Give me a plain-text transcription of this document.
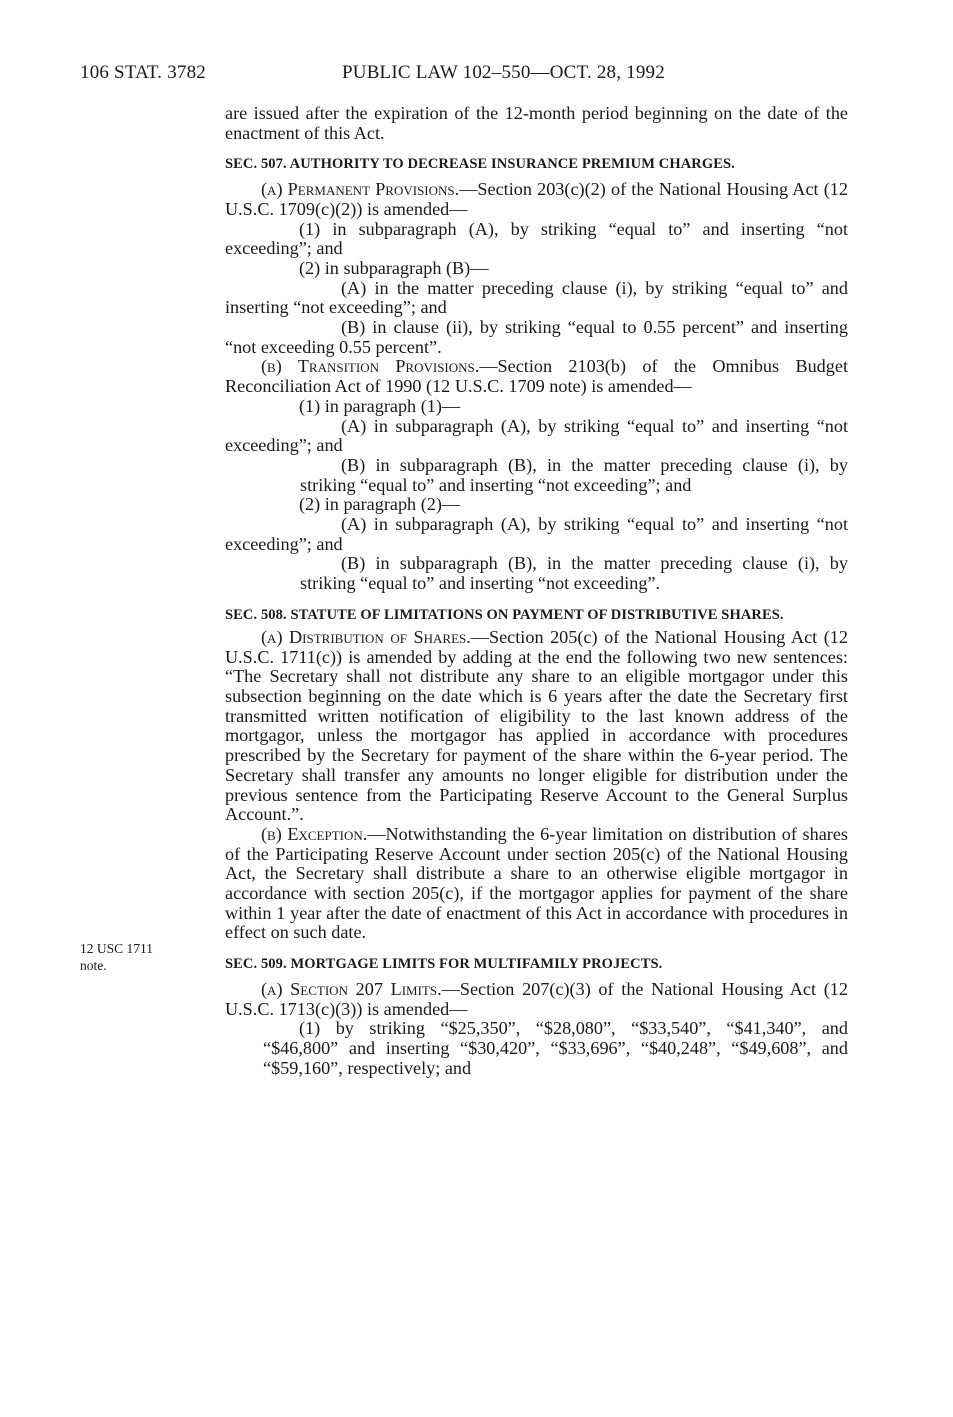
106 STAT. 3782	PUBLIC LAW 102–550—OCT. 28, 1992
12 USC 1711
note.

are issued after the expiration of the 12-month period beginning on the date of the enactment of this Act.

SEC. 507. AUTHORITY TO DECREASE INSURANCE PREMIUM CHARGES.

(a) Permanent Provisions.—Section 203(c)(2) of the National Housing Act (12 U.S.C. 1709(c)(2)) is amended—

(1) in subparagraph (A), by striking “equal to” and inserting “not exceeding”; and

(2) in subparagraph (B)—

(A) in the matter preceding clause (i), by striking “equal to” and inserting “not exceeding”; and

(B) in clause (ii), by striking “equal to 0.55 percent” and inserting “not exceeding 0.55 percent”.

(b) Transition Provisions.—Section 2103(b) of the Omnibus Budget Reconciliation Act of 1990 (12 U.S.C. 1709 note) is amended—

(1) in paragraph (1)—

(A) in subparagraph (A), by striking “equal to” and inserting “not exceeding”; and

(B) in subparagraph (B), in the matter preceding clause (i), by striking “equal to” and inserting “not exceeding”; and

(2) in paragraph (2)—

(A) in subparagraph (A), by striking “equal to” and inserting “not exceeding”; and

(B) in subparagraph (B), in the matter preceding clause (i), by striking “equal to” and inserting “not exceeding”.

SEC. 508. STATUTE OF LIMITATIONS ON PAYMENT OF DISTRIBUTIVE SHARES.

(a) Distribution of Shares.—Section 205(c) of the National Housing Act (12 U.S.C. 1711(c)) is amended by adding at the end the following two new sentences: “The Secretary shall not distribute any share to an eligible mortgagor under this subsection beginning on the date which is 6 years after the date the Secretary first transmitted written notification of eligibility to the last known address of the mortgagor, unless the mortgagor has applied in accordance with procedures prescribed by the Secretary for payment of the share within the 6-year period. The Secretary shall transfer any amounts no longer eligible for distribution under the previous sentence from the Participating Reserve Account to the General Surplus Account.”.

(b) Exception.—Notwithstanding the 6-year limitation on distribution of shares of the Participating Reserve Account under section 205(c) of the National Housing Act, the Secretary shall distribute a share to an otherwise eligible mortgagor in accordance with section 205(c), if the mortgagor applies for payment of the share within 1 year after the date of enactment of this Act in accordance with procedures in effect on such date.

SEC. 509. MORTGAGE LIMITS FOR MULTIFAMILY PROJECTS.

(a) Section 207 Limits.—Section 207(c)(3) of the National Housing Act (12 U.S.C. 1713(c)(3)) is amended—

(1) by striking “$25,350”, “$28,080”, “$33,540”, “$41,340”, and “$46,800” and inserting “$30,420”, “$33,696”, “$40,248”, “$49,608”, and “$59,160”, respectively; and
